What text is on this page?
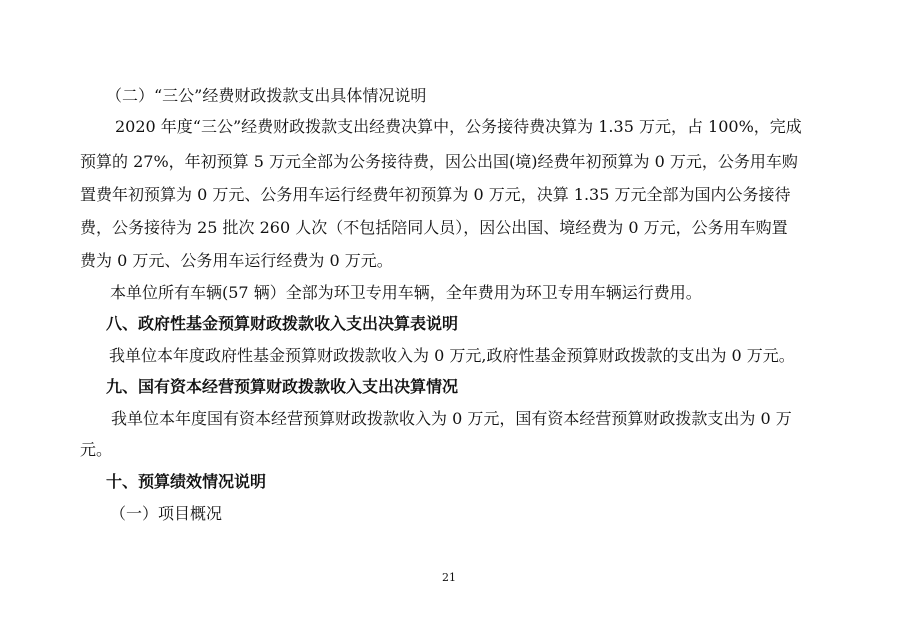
（二）“三公”经费财政拨款支出具体情况说明

2020 年度“三公”经费财政拨款支出经费决算中，公务接待费决算为 1.35 万元，占 100%，完成

预算的 27%，年初预算 5 万元全部为公务接待费，因公出国(境)经费年初预算为 0 万元，公务用车购

置费年初预算为 0 万元、公务用车运行经费年初预算为 0 万元，决算 1.35 万元全部为国内公务接待

费，公务接待为 25 批次 260 人次（不包括陪同人员），因公出国、境经费为 0 万元，公务用车购置

费为 0 万元、公务用车运行经费为 0 万元。

本单位所有车辆(57 辆）全部为环卫专用车辆，全年费用为环卫专用车辆运行费用。

八、政府性基金预算财政拨款收入支出决算表说明

我单位本年度政府性基金预算财政拨款收入为 0 万元,政府性基金预算财政拨款的支出为 0 万元。

九、国有资本经营预算财政拨款收入支出决算情况

我单位本年度国有资本经营预算财政拨款收入为 0 万元，国有资本经营预算财政拨款支出为 0 万

元。

十、预算绩效情况说明

（一）项目概况

21
